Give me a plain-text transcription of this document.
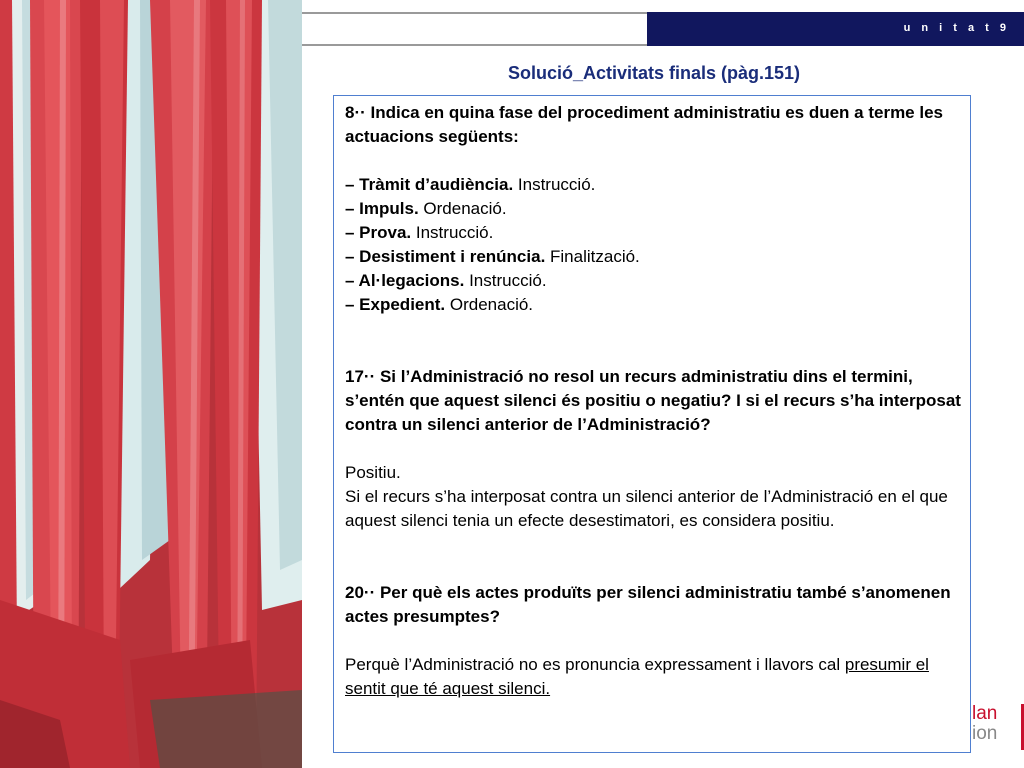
u n i t a t 9
Solució_Activitats finals (pàg.151)

8·· Indica en quina fase del procediment administratiu es duen a terme les actuacions següents:

– Tràmit d’audiència. Instrucció.

– Impuls. Ordenació.

– Prova. Instrucció.

– Desistiment i renúncia. Finalització.

– Al·legacions. Instrucció.

– Expedient. Ordenació.

17·· Si l’Administració no resol un recurs administratiu dins el termini, s’entén que aquest silenci és positiu o negatiu? I si el recurs s’ha interposat contra un silenci anterior de l’Administració?

Positiu.

Si el recurs s’ha interposat contra un silenci anterior de l’Administració en el que aquest silenci tenia un efecte desestimatori, es considera positiu.

20·· Per què els actes produïts per silenci administratiu també s’anomenen actes presumptes?

Perquè l’Administració no es pronuncia expressament i llavors cal presumir el sentit que té aquest silenci.

lan
ion
